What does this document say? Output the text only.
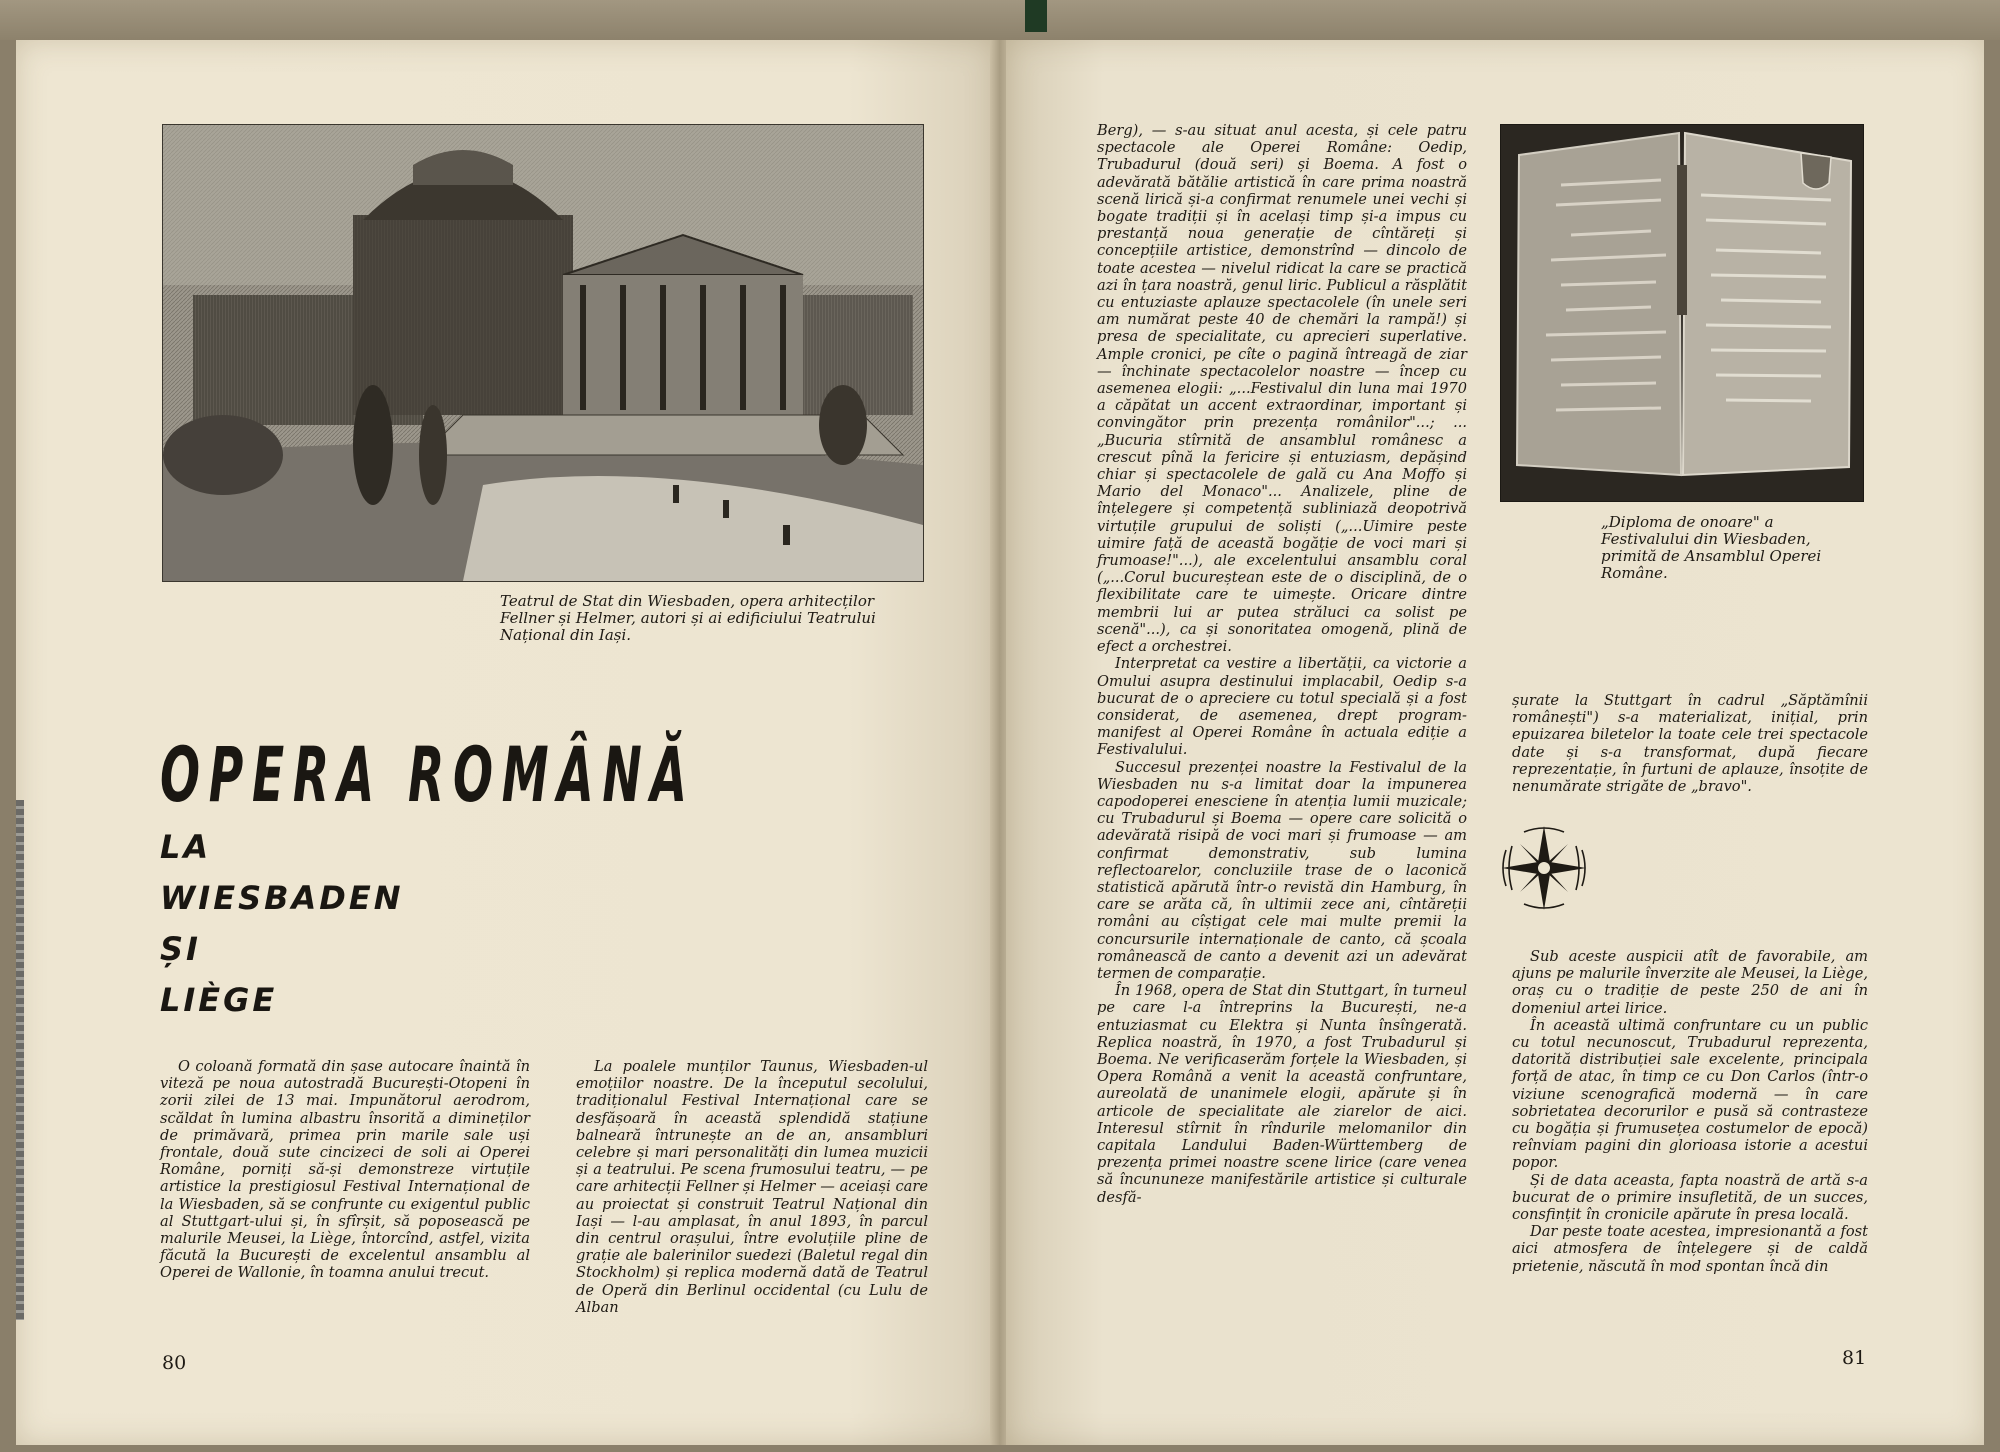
Teatrul de Stat din Wiesbaden, opera arhitecților Fellner și Helmer, autori și ai edificiului Teatrului Național din Iași.
OPERA ROMÂNĂ
LA
WIESBADEN
ȘI
LIÈGE

O coloană formată din șase autocare înaintă în viteză pe noua autostradă București-Otopeni în zorii zilei de 13 mai. Impunătorul aerodrom, scăldat în lumina albastru însorită a dimineților de primăvară, primea prin marile sale uși frontale, două sute cincizeci de soli ai Operei Române, porniți să-și demonstreze virtuțile artistice la prestigiosul Festival Internațional de la Wiesbaden, să se confrunte cu exigentul public al Stuttgart-ului și, în sfîrșit, să poposească pe malurile Meusei, la Liège, întorcînd, astfel, vizita făcută la București de excelentul ansamblu al Operei de Wallonie, în toamna anului trecut.

La poalele munților Taunus, Wiesbaden-ul emoțiilor noastre. De la începutul secolului, tradiționalul Festival Internațional care se desfășoară în această splendidă stațiune balneară întrunește an de an, ansambluri celebre și mari personalități din lumea muzicii și a teatrului. Pe scena frumosului teatru, — pe care arhitecții Fellner și Helmer — aceiași care au proiectat și construit Teatrul Național din Iași — l-au amplasat, în anul 1893, în parcul din centrul orașului, între evoluțiile pline de grație ale balerinilor suedezi (Baletul regal din Stockholm) și replica modernă dată de Teatrul de Operă din Berlinul occidental (cu Lulu de Alban

80

Berg), — s-au situat anul acesta, și cele patru spectacole ale Operei Române: Oedip, Trubadurul (două seri) și Boema. A fost o adevărată bătălie artistică în care prima noastră scenă lirică și-a confirmat renumele unei vechi și bogate tradiții și în același timp și-a impus cu prestanță noua generație de cîntăreți și concepțiile artistice, demonstrînd — dincolo de toate acestea — nivelul ridicat la care se practică azi în țara noastră, genul liric. Publicul a răsplătit cu entuziaste aplauze spectacolele (în unele seri am numărat peste 40 de chemări la rampă!) și presa de specialitate, cu aprecieri superlative. Ample cronici, pe cîte o pagină întreagă de ziar — închinate spectacolelor noastre — încep cu asemenea elogii: „...Festivalul din luna mai 1970 a căpătat un accent extraordinar, important și convingător prin prezența românilor"...; ...„Bucuria stîrnită de ansamblul românesc a crescut pînă la fericire și entuziasm, depășind chiar și spectacolele de gală cu Ana Moffo și Mario del Monaco"... Analizele, pline de înțelegere și competență subliniază deopotrivă virtuțile grupului de soliști („...Uimire peste uimire față de această bogăție de voci mari și frumoase!"...), ale excelentului ansamblu coral („...Corul bucureștean este de o disciplină, de o flexibilitate care te uimește. Oricare dintre membrii lui ar putea străluci ca solist pe scenă"...), ca și sonoritatea omogenă, plină de efect a orchestrei.

Interpretat ca vestire a libertății, ca victorie a Omului asupra destinului implacabil, Oedip s-a bucurat de o apreciere cu totul specială și a fost considerat, de asemenea, drept program-manifest al Operei Române în actuala ediție a Festivalului.

Succesul prezenței noastre la Festivalul de la Wiesbaden nu s-a limitat doar la impunerea capodoperei enesciene în atenția lumii muzicale; cu Trubadurul și Boema — opere care solicită o adevărată risipă de voci mari și frumoase — am confirmat demonstrativ, sub lumina reflectoarelor, concluziile trase de o laconică statistică apărută într-o revistă din Hamburg, în care se arăta că, în ultimii zece ani, cîntăreții români au cîștigat cele mai multe premii la concursurile internaționale de canto, că școala românească de canto a devenit azi un adevărat termen de comparație.

În 1968, opera de Stat din Stuttgart, în turneul pe care l-a întreprins la București, ne-a entuziasmat cu Elektra și Nunta însîngerată. Replica noastră, în 1970, a fost Trubadurul și Boema. Ne verificaserăm forțele la Wiesbaden, și Opera Română a venit la această confruntare, aureolată de unanimele elogii, apărute și în articole de specialitate ale ziarelor de aici. Interesul stîrnit în rîndurile melomanilor din capitala Landului Baden-Württemberg de prezența primei noastre scene lirice (care venea să încununeze manifestările artistice și culturale desfă-

„Diploma de onoare" a Festivalului din Wiesbaden, primită de Ansamblul Operei Române.

șurate la Stuttgart în cadrul „Săptămînii românești") s-a materializat, inițial, prin epuizarea biletelor la toate cele trei spectacole date și s-a transformat, după fiecare reprezentație, în furtuni de aplauze, însoțite de nenumărate strigăte de „bravo".

Sub aceste auspicii atît de favorabile, am ajuns pe malurile înverzite ale Meusei, la Liège, oraș cu o tradiție de peste 250 de ani în domeniul artei lirice.

În această ultimă confruntare cu un public cu totul necunoscut, Trubadurul reprezenta, datorită distribuției sale excelente, principala forță de atac, în timp ce cu Don Carlos (într-o viziune scenografică modernă — în care sobrietatea decorurilor e pusă să contrasteze cu bogăția și frumusețea costumelor de epocă) reînviam pagini din glorioasa istorie a acestui popor.

Și de data aceasta, fapta noastră de artă s-a bucurat de o primire insufletită, de un succes, consfințit în cronicile apărute în presa locală.

Dar peste toate acestea, impresionantă a fost aici atmosfera de înțelegere și de caldă prietenie, născută în mod spontan încă din

81
